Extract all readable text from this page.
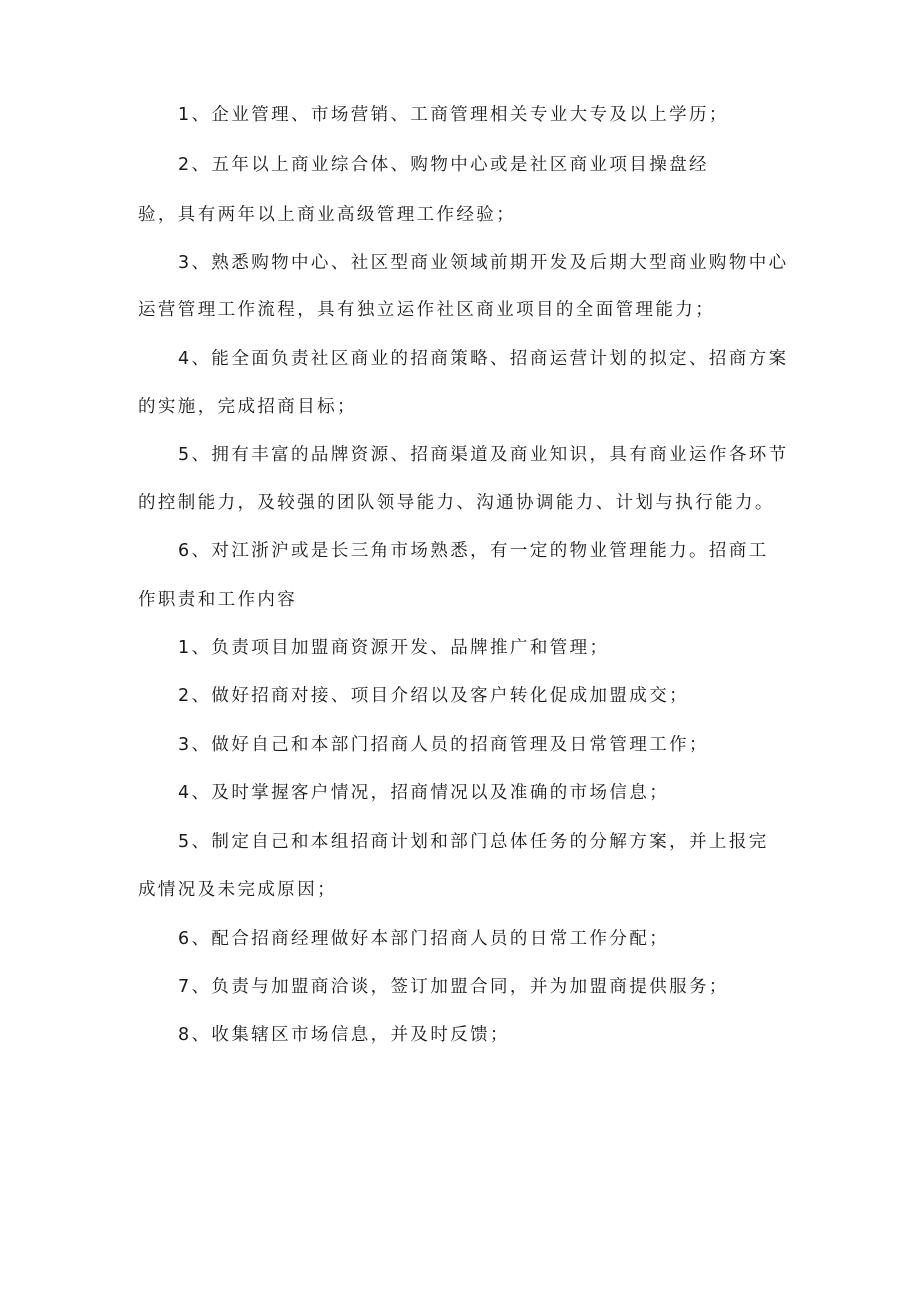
1、企业管理、市场营销、工商管理相关专业大专及以上学历；
2、五年以上商业综合体、购物中心或是社区商业项目操盘经
验，具有两年以上商业高级管理工作经验；
3、熟悉购物中心、社区型商业领域前期开发及后期大型商业购物中心
运营管理工作流程，具有独立运作社区商业项目的全面管理能力；
4、能全面负责社区商业的招商策略、招商运营计划的拟定、招商方案
的实施，完成招商目标；
5、拥有丰富的品牌资源、招商渠道及商业知识，具有商业运作各环节
的控制能力，及较强的团队领导能力、沟通协调能力、计划与执行能力。
6、对江浙沪或是长三角市场熟悉，有一定的物业管理能力。招商工
作职责和工作内容
1、负责项目加盟商资源开发、品牌推广和管理；
2、做好招商对接、项目介绍以及客户转化促成加盟成交；
3、做好自己和本部门招商人员的招商管理及日常管理工作；
4、及时掌握客户情况，招商情况以及准确的市场信息；
5、制定自己和本组招商计划和部门总体任务的分解方案，并上报完
成情况及未完成原因；
6、配合招商经理做好本部门招商人员的日常工作分配；
7、负责与加盟商洽谈，签订加盟合同，并为加盟商提供服务；
8、收集辖区市场信息，并及时反馈；
